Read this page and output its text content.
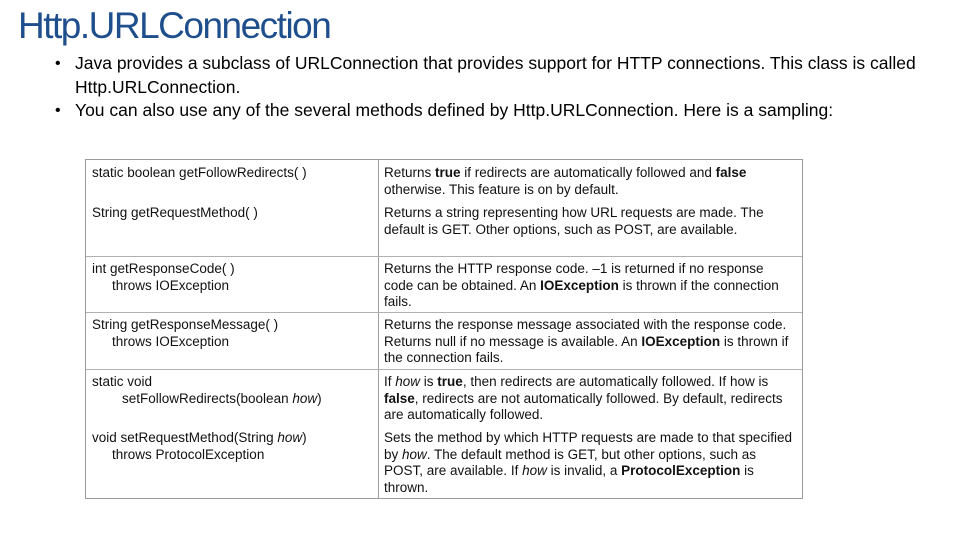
Http.URLConnection
• Java provides a subclass of URLConnection that provides support for HTTP connections. This class is called Http.URLConnection.
• You can also use any of the several methods defined by Http.URLConnection. Here is a sampling:
static boolean getFollowRedirects( )	Returns true if redirects are automatically followed and false otherwise. This feature is on by default.
String getRequestMethod( )	Returns a string representing how URL requests are made. The default is GET. Other options, such as POST, are available.
int getResponseCode( )
throws IOException
Returns the HTTP response code. –1 is returned if no response code can be obtained. An IOException is thrown if the connection fails.
String getResponseMessage( )
throws IOException
Returns the response message associated with the response code. Returns null if no message is available. An IOException is thrown if the connection fails.
static void
setFollowRedirects(boolean how)
If how is true, then redirects are automatically followed. If how is false, redirects are not automatically followed. By default, redirects are automatically followed.
void setRequestMethod(String how)
throws ProtocolException
Sets the method by which HTTP requests are made to that specified by how. The default method is GET, but other options, such as POST, are available. If how is invalid, a ProtocolException is thrown.
